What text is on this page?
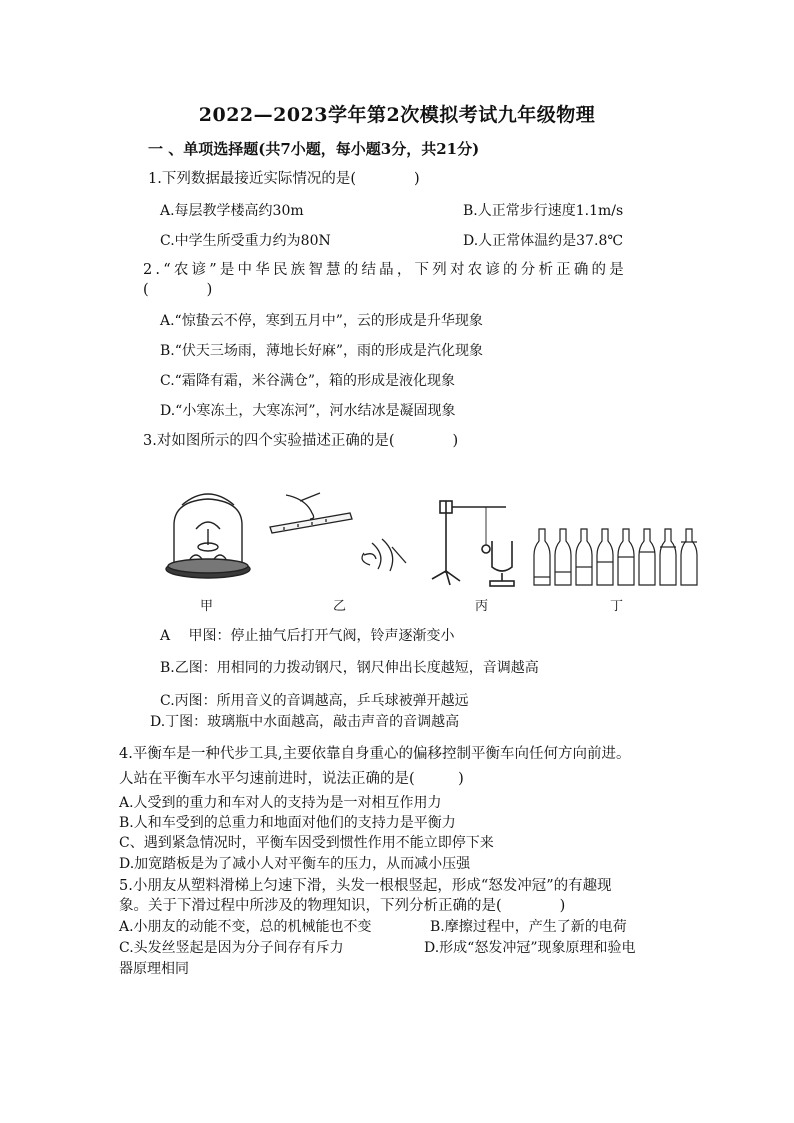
2022—2023学年第2次模拟考试九年级物理
一 、单项选择题(共7小题，每小题3分，共21分)
1.下列数据最接近实际情况的是(　　　　)
A.每层教学楼高约30m	B.人正常步行速度1.1m/s
C.中学生所受重力约为80N	D.人正常体温约是37.8℃
2.“农谚”是中华民族智慧的结晶，下列对农谚的分析正确的是
(　　　　)
A.“惊蛰云不停，寒到五月中”，云的形成是升华现象
B.“伏天三场雨，薄地长好麻”，雨的形成是汽化现象
C.“霜降有霜，米谷满仓”，箱的形成是液化现象
D.“小寒冻土，大寒冻河”，河水结冰是凝固现象
3.对如图所示的四个实验描述正确的是(　　　　)
甲	乙	丙	丁
A　 甲图：停止抽气后打开气阀，铃声逐渐变小
B.乙图：用相同的力拨动钢尺，钢尺伸出长度越短，音调越高
C.丙图：所用音义的音调越高，乒乓球被弹开越远
D.丁图：玻璃瓶中水面越高，敲击声音的音调越高
4.平衡车是一种代步工具,主要依靠自身重心的偏移控制平衡车向任何方向前进。
人站在平衡车水平匀速前进时，说法正确的是(　　　)
A.人受到的重力和车对人的支持为是一对相互作用力
B.人和车受到的总重力和地面对他们的支持力是平衡力
C、遇到紧急情况时，平衡车因受到惯性作用不能立即停下来
D.加宽踏板是为了减小人对平衡车的压力，从而减小压强
5.小朋友从塑料滑梯上匀速下滑，头发一根根竖起，形成“怒发冲冠”的有趣现
象。关于下滑过程中所涉及的物理知识，下列分析正确的是(　　　　)
A.小朋友的动能不变，总的机械能也不变	B.摩擦过程中，产生了新的电荷
C.头发丝竖起是因为分子间存有斥力	D.形成“怒发冲冠”现象原理和验电
器原理相同
